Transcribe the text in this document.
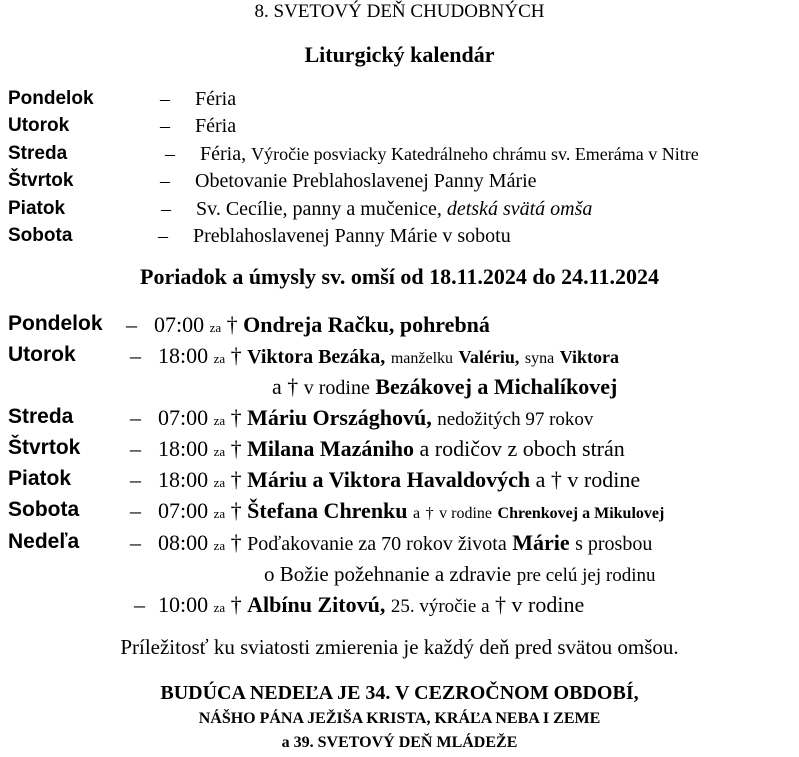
8. SVETOVÝ DEŇ CHUDOBNÝCH
Liturgický kalendár
Pondelok	– Féria
Utorok	– Féria
Streda	– Féria, Výročie posviacky Katedrálneho chrámu sv. Emeráma v Nitre
Štvrtok	– Obetovanie Preblahoslavenej Panny Márie
Piatok	– Sv. Cecílie, panny a mučenice, detská svätá omša
Sobota	– Preblahoslavenej Panny Márie v sobotu
Poriadok a úmysly sv. omší od 18.11.2024 do 24.11.2024
Pondelok – 07:00 za † Ondreja Račku, pohrebná
Utorok – 18:00 za † Viktora Bezáka, manželku Valériu, syna Viktora
a † v rodine Bezákovej a Michalíkovej
Streda	– 07:00 za † Máriu Országhovú, nedožitých 97 rokov
Štvrtok – 18:00 za † Milana Mazániho a rodičov z oboch strán
Piatok	– 18:00 za † Máriu a Viktora Havaldových a † v rodine
Sobota – 07:00 za † Štefana Chrenku a † v rodine Chrenkovej a Mikulovej
Nedeľa – 08:00 za † Poďakovanie za 70 rokov života Márie s prosbou
o Božie požehnanie a zdravie pre celú jej rodinu
– 10:00 za † Albínu Zitovú, 25. výročie a † v rodine
Príležitosť ku sviatosti zmierenia je každý deň pred svätou omšou.
BUDÚCA NEDEĽA JE 34. V CEZROČNOM OBDOBÍ,
NÁŠHO PÁNA JEŽIŠA KRISTA, KRÁĽA NEBA I ZEME
a 39. SVETOVÝ DEŇ MLÁDEŽE
